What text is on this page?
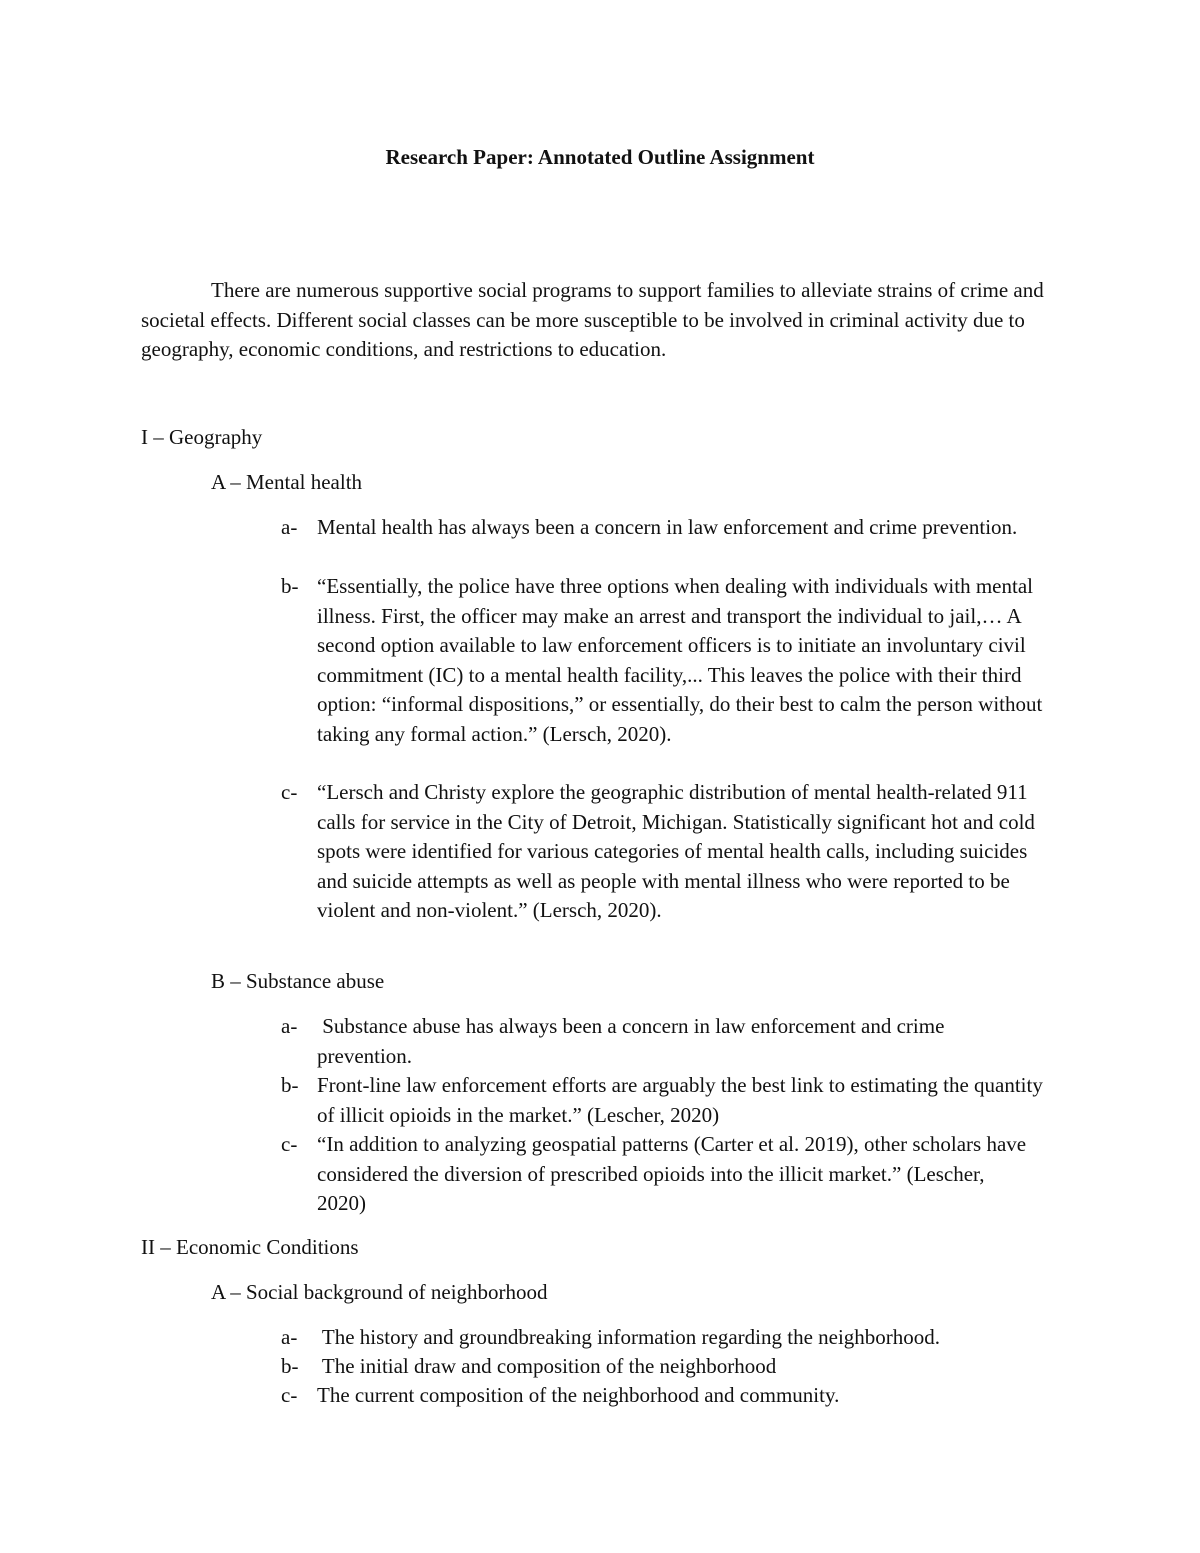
Research Paper: Annotated Outline Assignment

There are numerous supportive social programs to support families to alleviate strains of crime and societal effects. Different social classes can be more susceptible to be involved in criminal activity due to geography, economic conditions, and restrictions to education.

I – Geography

A – Mental health

a- Mental health has always been a concern in law enforcement and crime prevention.
b- “Essentially, the police have three options when dealing with individuals with mental illness. First, the officer may make an arrest and transport the individual to jail,… A second option available to law enforcement officers is to initiate an involuntary civil commitment (IC) to a mental health facility,... This leaves the police with their third option: “informal dispositions,” or essentially, do their best to calm the person without taking any formal action.” (Lersch, 2020).
c- “Lersch and Christy explore the geographic distribution of mental health-related 911 calls for service in the City of Detroit, Michigan. Statistically significant hot and cold spots were identified for various categories of mental health calls, including suicides and suicide attempts as well as people with mental illness who were reported to be violent and non-violent.” (Lersch, 2020).

B – Substance abuse

a- Substance abuse has always been a concern in law enforcement and crime prevention.
b- Front-line law enforcement efforts are arguably the best link to estimating the quantity of illicit opioids in the market.” (Lescher, 2020)
c- “In addition to analyzing geospatial patterns (Carter et al. 2019), other scholars have considered the diversion of prescribed opioids into the illicit market.” (Lescher, 2020)

II – Economic Conditions

A – Social background of neighborhood

a- The history and groundbreaking information regarding the neighborhood.
b- The initial draw and composition of the neighborhood
c- The current composition of the neighborhood and community.
